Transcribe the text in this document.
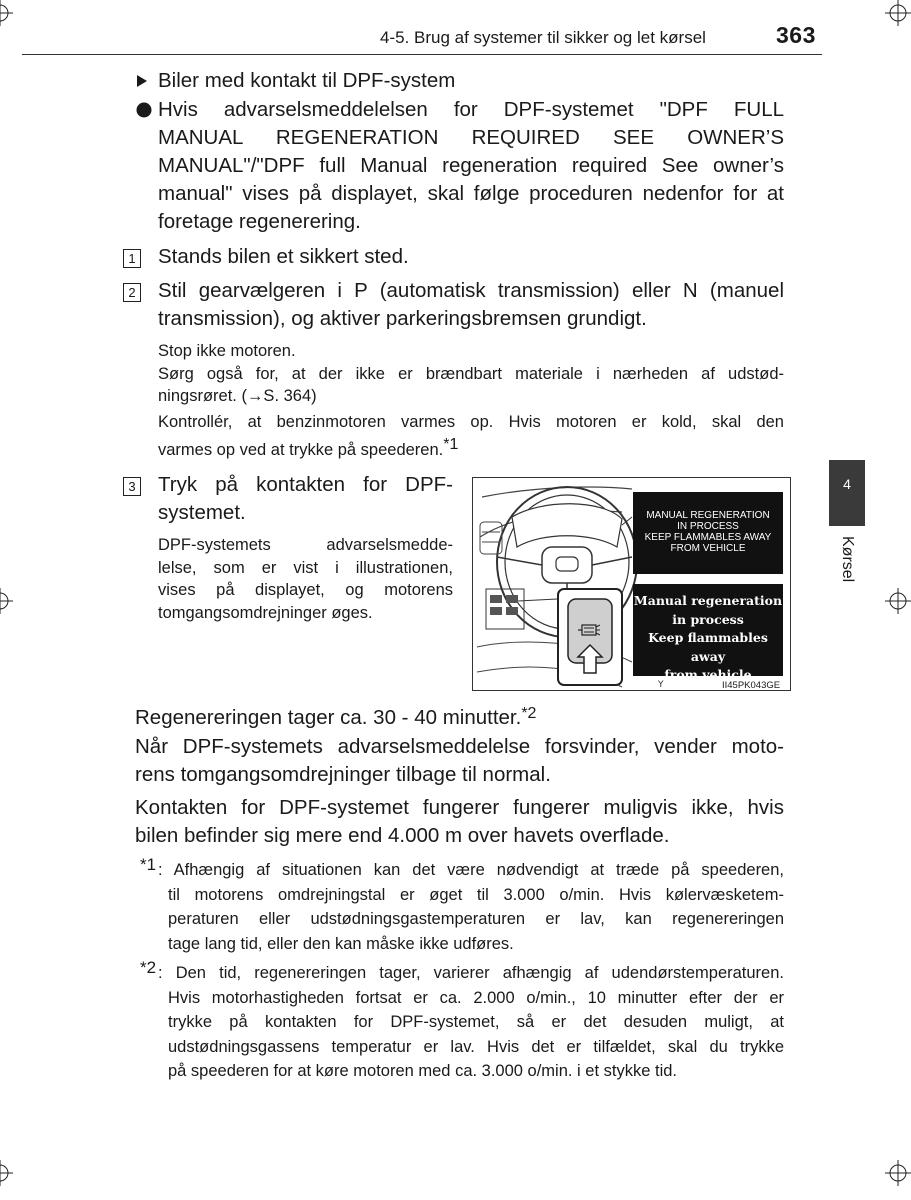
4-5. Brug af systemer til sikker og let kørsel	363
4
Kørsel
Biler med kontakt til DPF-system
Hvis advarselsmeddelelsen for DPF-systemet "DPF FULL
MANUAL REGENERATION REQUIRED SEE OWNER’S
MANUAL"/"DPF full Manual regeneration required See owner’s
manual" vises på displayet, skal følge proceduren nedenfor for at
foretage regenerering.
1 Stands bilen et sikkert sted.
2 Stil gearvælgeren i P (automatisk transmission) eller N (manuel
transmission), og aktiver parkeringsbremsen grundigt.
Stop ikke motoren.
Sørg også for, at der ikke er brændbart materiale i nærheden af udstød-
ningsrøret. (→S. 364)
Kontrollér, at benzinmotoren varmes op. Hvis motoren er kold, skal den
varmes op ved at trykke på speederen.$^{*1}$
3 Tryk på kontakten for DPF-
systemet.
DPF-systemets advarselsmedde-
lelse, som er vist i illustrationen,
vises på displayet, og motorens
tomgangsomdrejninger øges.
Y
MANUAL REGENERATION
IN PROCESS
KEEP FLAMMABLES AWAY
FROM VEHICLE
Manual regeneration
in process
Keep flammables away
from vehicle
II45PK043GE
Regenereringen tager ca. 30 - 40 minutter.$^{*2}$
Når DPF-systemets advarselsmeddelelse forsvinder, vender moto-
rens tomgangsomdrejninger tilbage til normal.
Kontakten for DPF-systemet fungerer fungerer muligvis ikke, hvis
bilen befinder sig mere end 4.000 m over havets overflade.
*1 : Afhængig af situationen kan det være nødvendigt at træde på speederen,
til motorens omdrejningstal er øget til 3.000 o/min. Hvis kølervæsketem-
peraturen eller udstødningsgastemperaturen er lav, kan regenereringen
tage lang tid, eller den kan måske ikke udføres.
*2 : Den tid, regenereringen tager, varierer afhængig af udendørstemperaturen.
Hvis motorhastigheden fortsat er ca. 2.000 o/min., 10 minutter efter der er
trykke på kontakten for DPF-systemet, så er det desuden muligt, at
udstødningsgassens temperatur er lav. Hvis det er tilfældet, skal du trykke
på speederen for at køre motoren med ca. 3.000 o/min. i et stykke tid.
